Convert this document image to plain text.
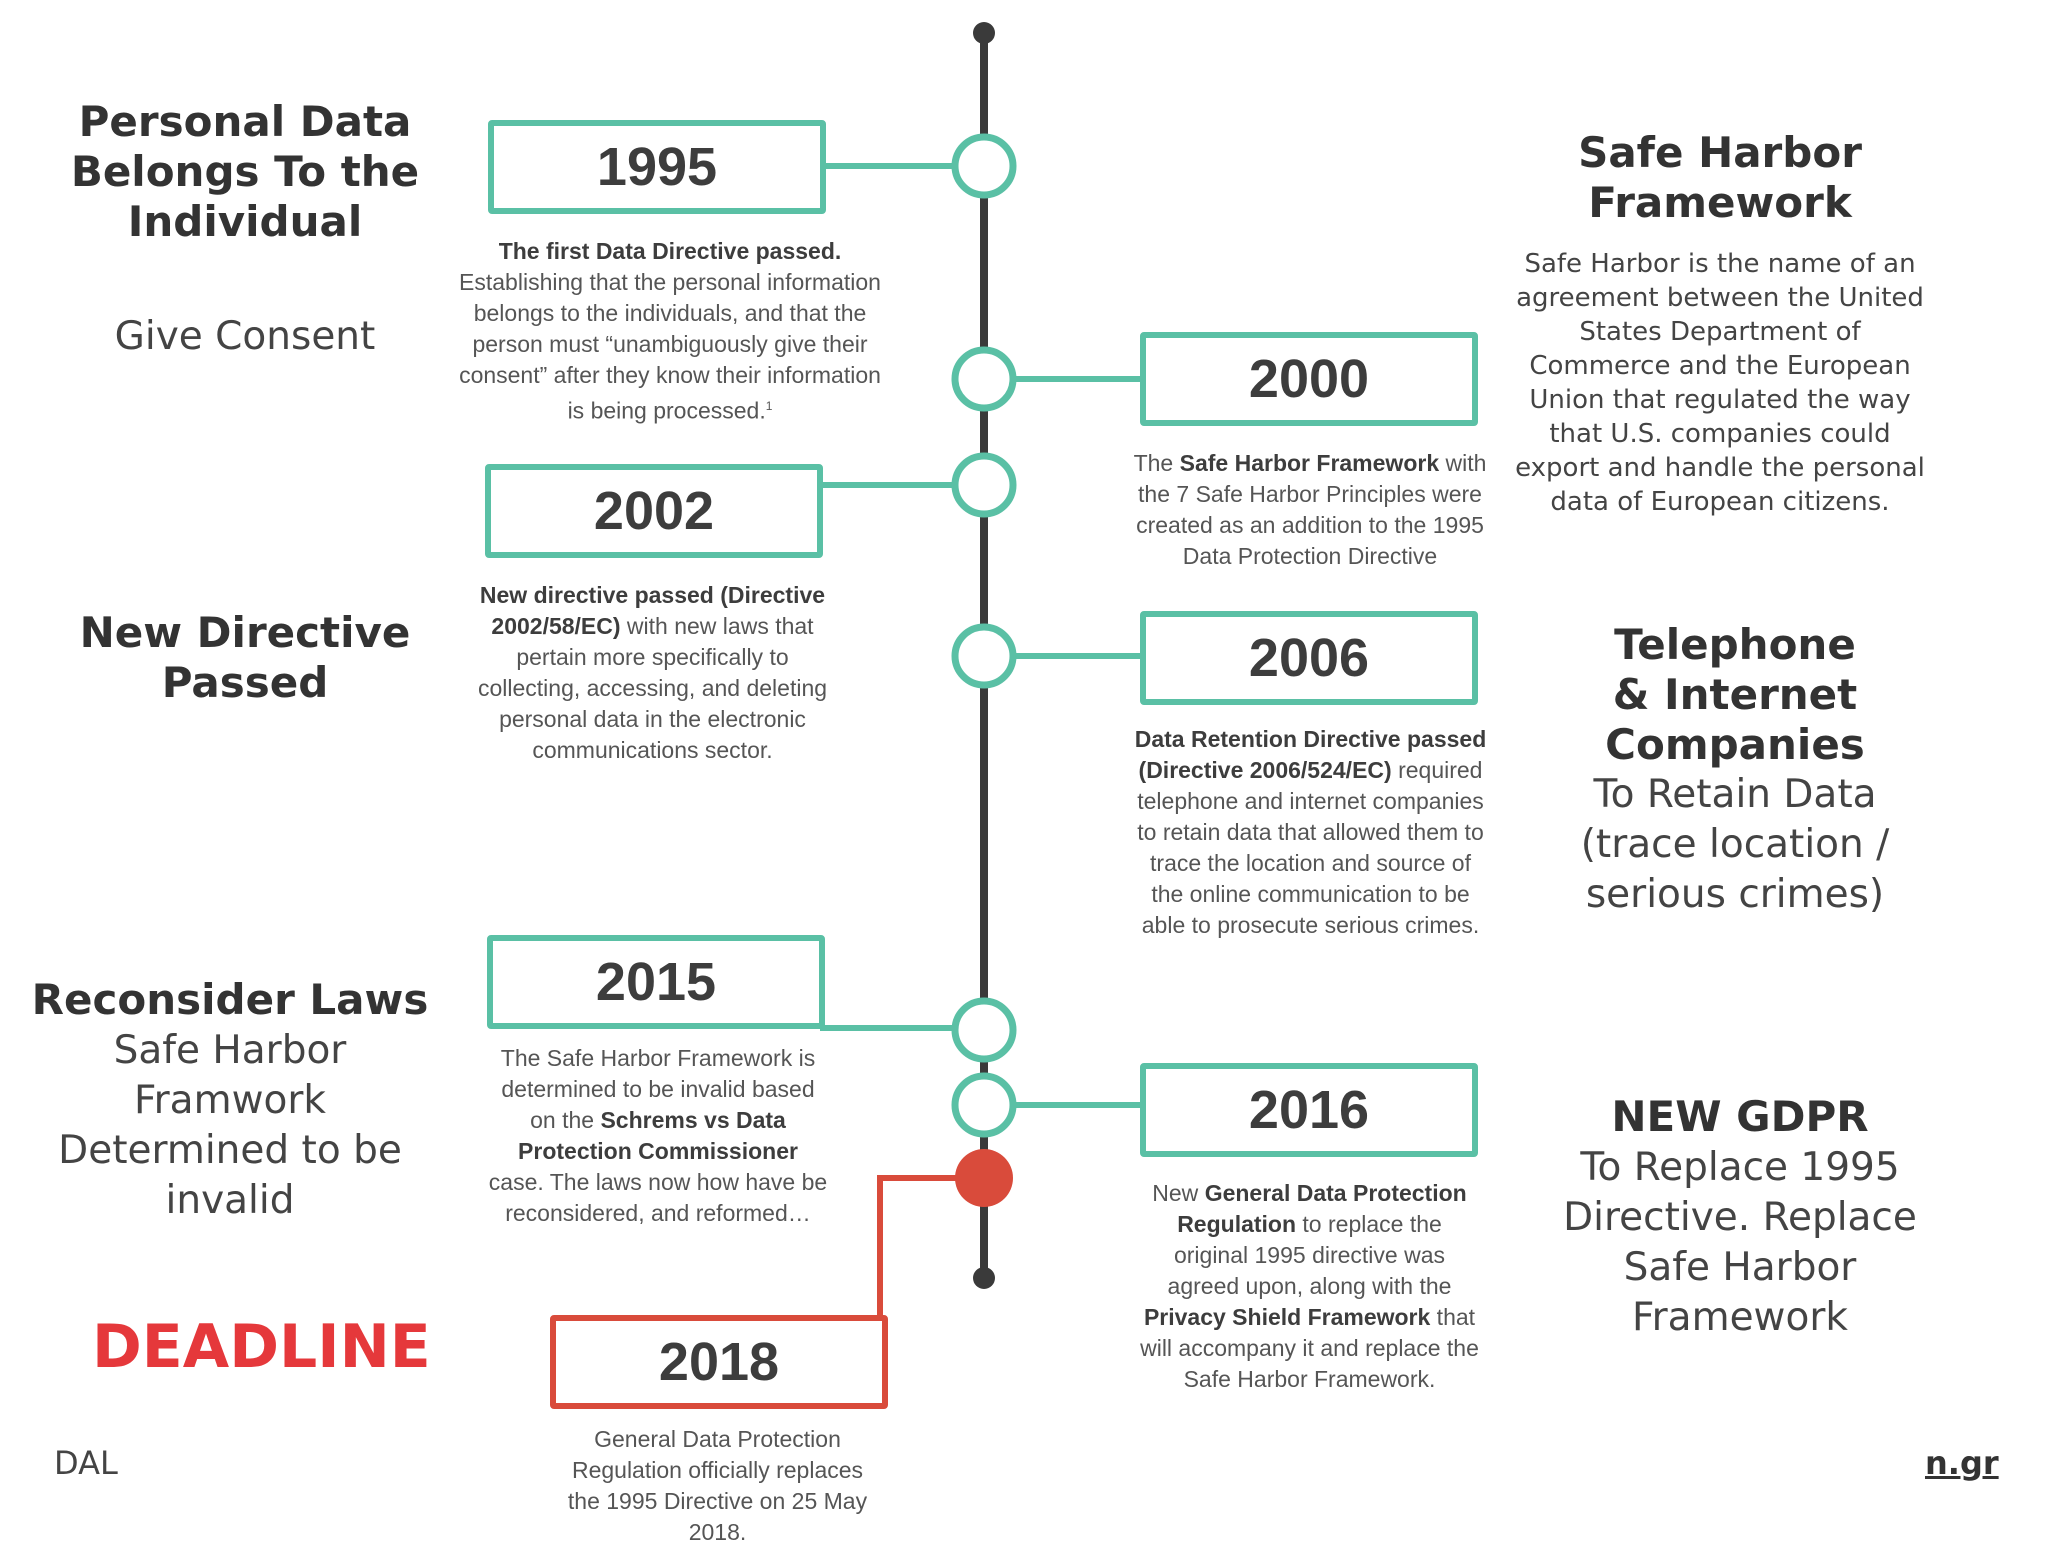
1995
2000
2002
2006
2015
2016
2018
The first Data Directive passed. Establishing that the personal information belongs to the individuals, and that the person must “unambiguously give their consent” after they know their information is being processed.$^1$
The Safe Harbor Framework with the 7 Safe Harbor Principles were created as an addition to the 1995 Data Protection Directive
New directive passed (Directive 2002/58/EC) with new laws that pertain more specifically to collecting, accessing, and deleting personal data in the electronic communications sector.	Data Retention Directive passed (Directive 2006/524/EC) required telephone and internet companies to retain data that allowed them to trace the location and source of the online communication to be able to prosecute serious crimes.
The Safe Harbor Framework is determined to be invalid based on the Schrems vs Data Protection Commissioner case. The laws now how have be reconsidered, and reformed…
New General Data Protection Regulation to replace the original 1995 directive was agreed upon, along with the Privacy Shield Framework that will accompany it and replace the Safe Harbor Framework.
General Data Protection Regulation officially replaces the 1995 Directive on 25 May 2018.
Personal Data Belongs To the Individual
Give Consent
New Directive Passed
Reconsider Laws
Safe Harbor Framwork Determined to be invalid
DEADLINE
DAL
Safe Harbor Framework
Safe Harbor is the name of an agreement between the United States Department of Commerce and the European Union that regulated the way that U.S. companies could export and handle the personal data of European citizens.
Telephone & Internet Companies
To Retain Data (trace location / serious crimes)
NEW GDPR
To Replace 1995 Directive. Replace Safe Harbor Framework
n.gr
